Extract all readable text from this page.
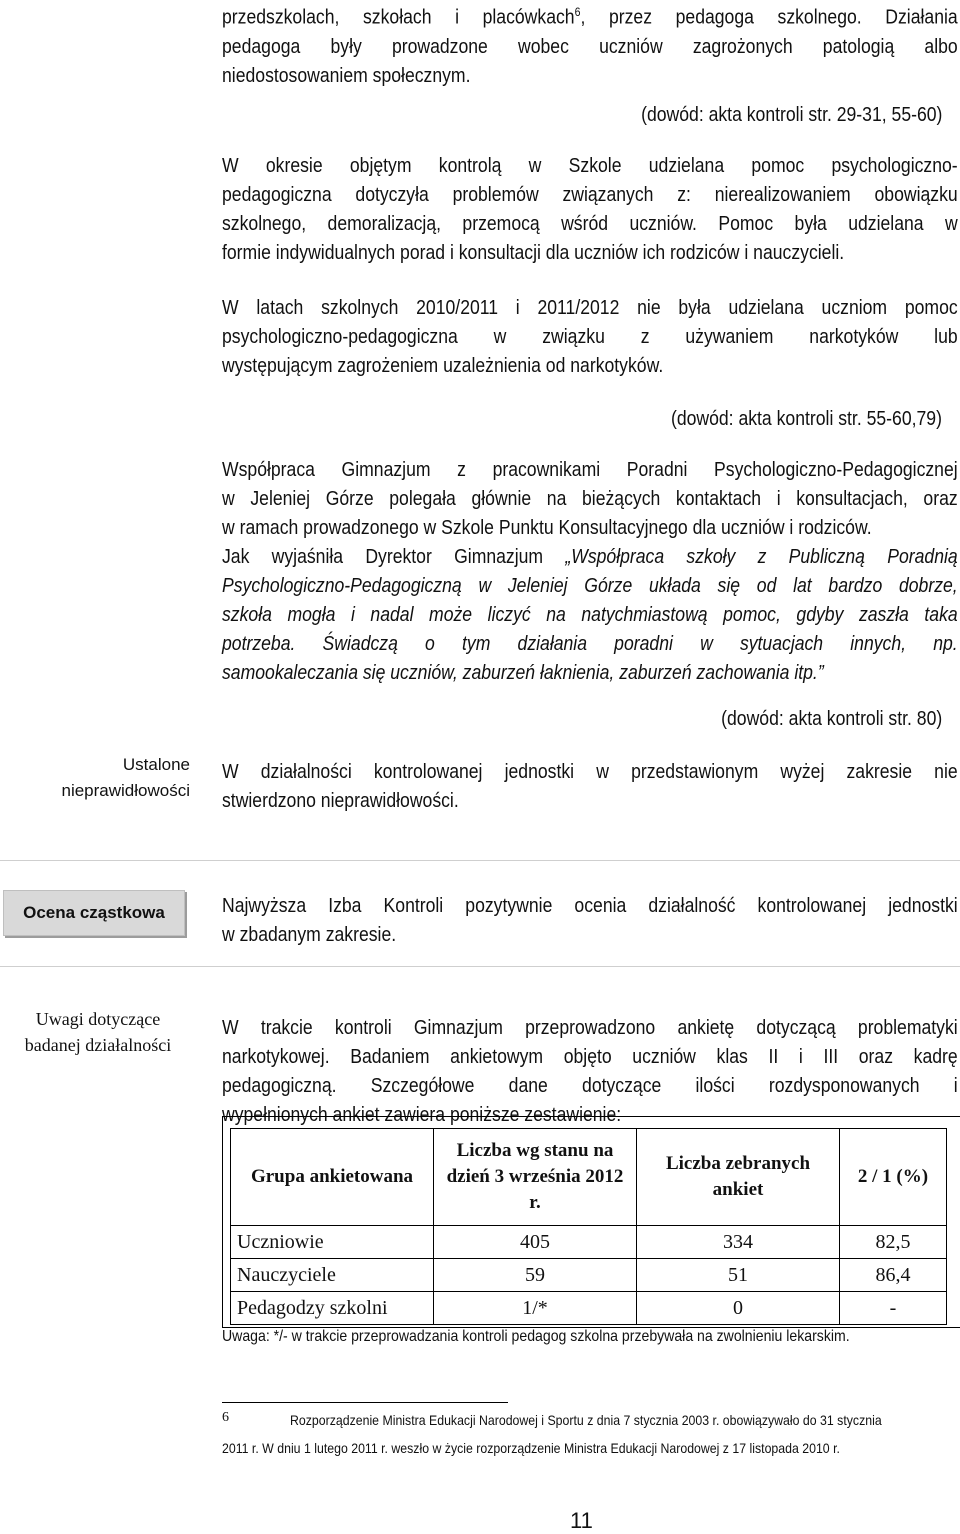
przedszkolach, szkołach i placówkach$^6$, przez pedagoga szkolnego. Działania
pedagoga były prowadzone wobec uczniów zagrożonych patologią albo
niedostosowaniem społecznym.
(dowód: akta kontroli str. 29-31, 55-60)
W okresie objętym kontrolą w Szkole udzielana pomoc psychologiczno-
pedagogiczna dotyczyła problemów związanych z: nierealizowaniem obowiązku
szkolnego, demoralizacją, przemocą wśród uczniów. Pomoc była udzielana w
formie indywidualnych porad i konsultacji dla uczniów ich rodziców i nauczycieli.
W latach szkolnych 2010/2011 i 2011/2012 nie była udzielana uczniom pomoc
psychologiczno-pedagogiczna w związku z używaniem narkotyków lub
występującym zagrożeniem uzależnienia od narkotyków.
(dowód: akta kontroli str. 55-60,79)
Współpraca Gimnazjum z pracownikami Poradni Psychologiczno-Pedagogicznej
w Jeleniej Górze polegała głównie na bieżących kontaktach i konsultacjach, oraz
w ramach prowadzonego w Szkole Punktu Konsultacyjnego dla uczniów i rodziców.
Jak wyjaśniła Dyrektor Gimnazjum „Współpraca szkoły z Publiczną Poradnią
Psychologiczno-Pedagogiczną w Jeleniej Górze układa się od lat bardzo dobrze,
szkoła mogła i nadal może liczyć na natychmiastową pomoc, gdyby zaszła taka
potrzeba. Świadczą o tym działania poradni w sytuacjach innych, np.
samookaleczania się uczniów, zaburzeń łaknienia, zaburzeń zachowania itp.”
(dowód: akta kontroli str. 80)
Ustalone
nieprawidłowości
W działalności kontrolowanej jednostki w przedstawionym wyżej zakresie nie
stwierdzono nieprawidłowości.
Ocena cząstkowa	Najwyższa Izba Kontroli pozytywnie ocenia działalność kontrolowanej jednostki
w zbadanym zakresie.
Uwagi dotyczące
badanej działalności
W trakcie kontroli Gimnazjum przeprowadzono ankietę dotyczącą problematyki
narkotykowej. Badaniem ankietowym objęto uczniów klas II i III oraz kadrę
pedagogiczną. Szczegółowe dane dotyczące ilości rozdysponowanych i
wypełnionych ankiet zawiera poniższe zestawienie:
Grupa ankietowana	Liczba wg stanu na dzień 3 września 2012 r.	Liczba zebranych ankiet	2 / 1 (%)
Uczniowie	405	334	82,5
Nauczyciele	59	51	86,4
Pedagodzy szkolni	1/*	0	-
Uwaga: */- w trakcie przeprowadzania kontroli pedagog szkolna przebywała na zwolnieniu lekarskim.
6	Rozporządzenie Ministra Edukacji Narodowej i Sportu z dnia 7 stycznia 2003 r. obowiązywało do 31 stycznia
2011 r. W dniu 1 lutego 2011 r. weszło w życie rozporządzenie Ministra Edukacji Narodowej z 17 listopada 2010 r.
11
